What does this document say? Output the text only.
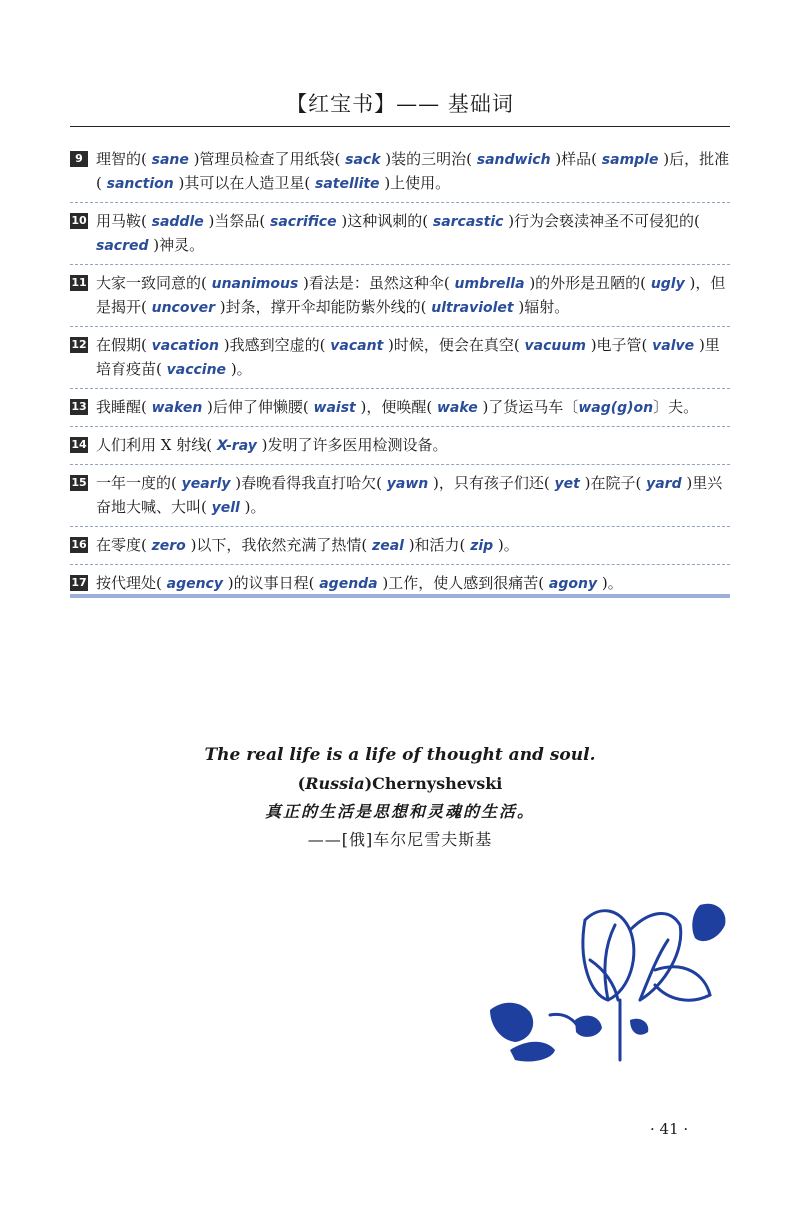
【红宝书】—— 基础词
9 理智的( sane )管理员检查了用纸袋( sack )装的三明治( sandwich )样品( sample )后，批准( sanction )其可以在人造卫星( satellite )上使用。
10 用马鞍( saddle )当祭品( sacrifice )这种讽刺的( sarcastic )行为会亵渎神圣不可侵犯的( sacred )神灵。
11 大家一致同意的( unanimous )看法是：虽然这种伞( umbrella )的外形是丑陋的( ugly )，但是揭开( uncover )封条，撑开伞却能防紫外线的( ultraviolet )辐射。
12 在假期( vacation )我感到空虚的( vacant )时候，便会在真空( vacuum )电子管( valve )里培育疫苗( vaccine )。
13 我睡醒( waken )后伸了伸懒腰( waist )，便唤醒( wake )了货运马车〔wag(g)on〕夫。
14 人们利用 X 射线( X-ray )发明了许多医用检测设备。
15 一年一度的( yearly )春晚看得我直打哈欠( yawn )，只有孩子们还( yet )在院子( yard )里兴奋地大喊、大叫( yell )。
16 在零度( zero )以下，我依然充满了热情( zeal )和活力( zip )。
17 按代理处( agency )的议事日程( agenda )工作，使人感到很痛苦( agony )。
The real life is a life of thought and soul.
(Russia)Chernyshevski
真正的生活是思想和灵魂的生活。
——[俄]车尔尼雪夫斯基
· 41 ·
